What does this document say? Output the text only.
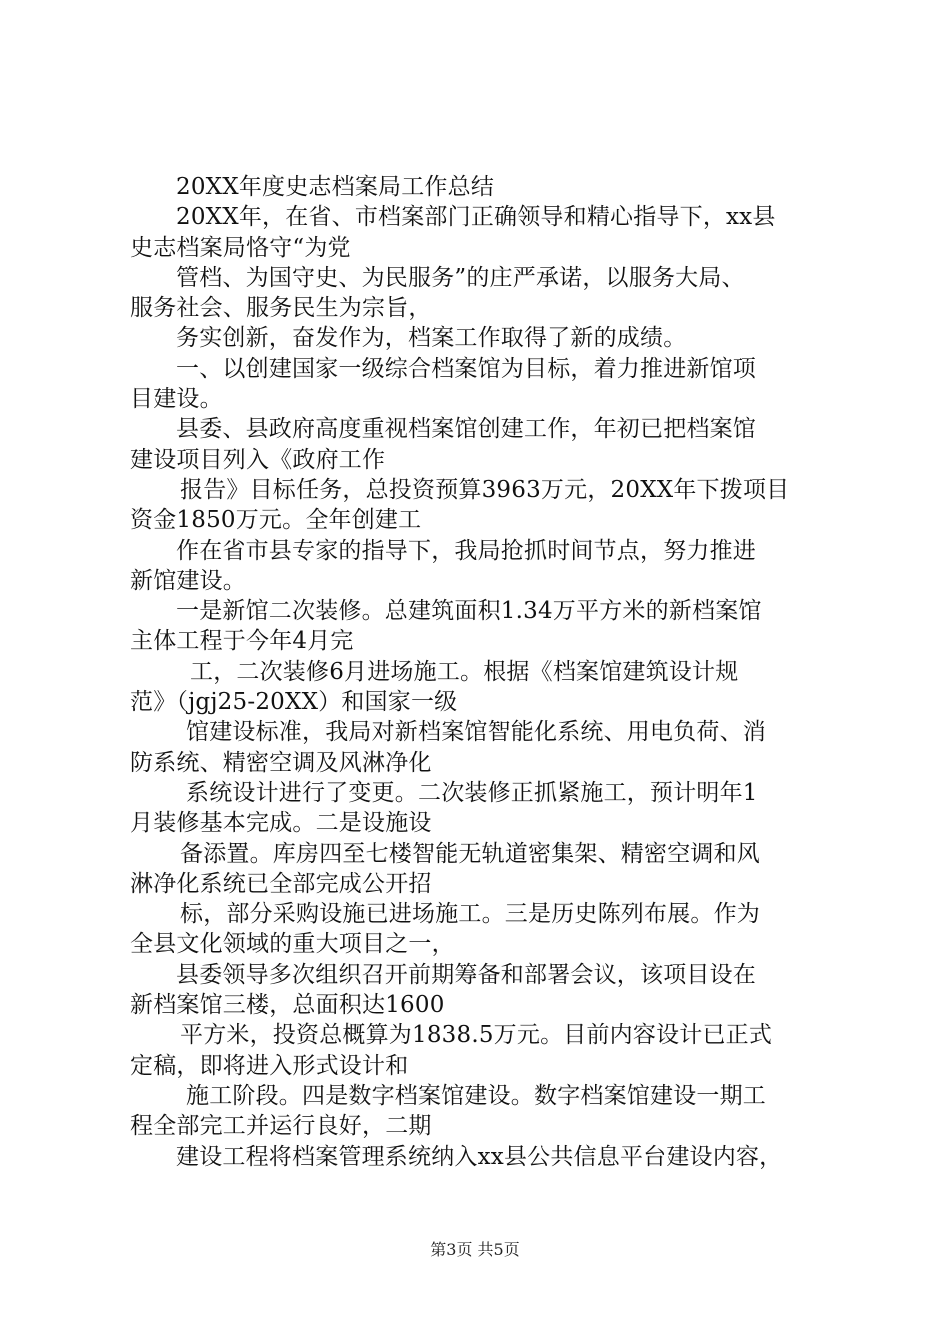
20XX年度史志档案局工作总结
20XX年，在省、市档案部门正确领导和精心指导下，xx县
史志档案局恪守“为党
管档、为国守史、为民服务”的庄严承诺，以服务大局、
服务社会、服务民生为宗旨，
务实创新，奋发作为，档案工作取得了新的成绩。
一、以创建国家一级综合档案馆为目标，着力推进新馆项
目建设。
县委、县政府高度重视档案馆创建工作，年初已把档案馆
建设项目列入《政府工作
报告》目标任务，总投资预算3963万元，20XX年下拨项目
资金1850万元。全年创建工
作在省市县专家的指导下，我局抢抓时间节点，努力推进
新馆建设。
一是新馆二次装修。总建筑面积1.34万平方米的新档案馆
主体工程于今年4月完
工，二次装修6月进场施工。根据《档案馆建筑设计规
范》（jgj25-20XX）和国家一级
馆建设标准，我局对新档案馆智能化系统、用电负荷、消
防系统、精密空调及风淋净化
系统设计进行了变更。二次装修正抓紧施工，预计明年1
月装修基本完成。二是设施设
备添置。库房四至七楼智能无轨道密集架、精密空调和风
淋净化系统已全部完成公开招
标，部分采购设施已进场施工。三是历史陈列布展。作为
全县文化领域的重大项目之一，
县委领导多次组织召开前期筹备和部署会议，该项目设在
新档案馆三楼，总面积达1600
平方米，投资总概算为1838.5万元。目前内容设计已正式
定稿，即将进入形式设计和
施工阶段。四是数字档案馆建设。数字档案馆建设一期工
程全部完工并运行良好，二期
建设工程将档案管理系统纳入xx县公共信息平台建设内容，
第3页 共5页
